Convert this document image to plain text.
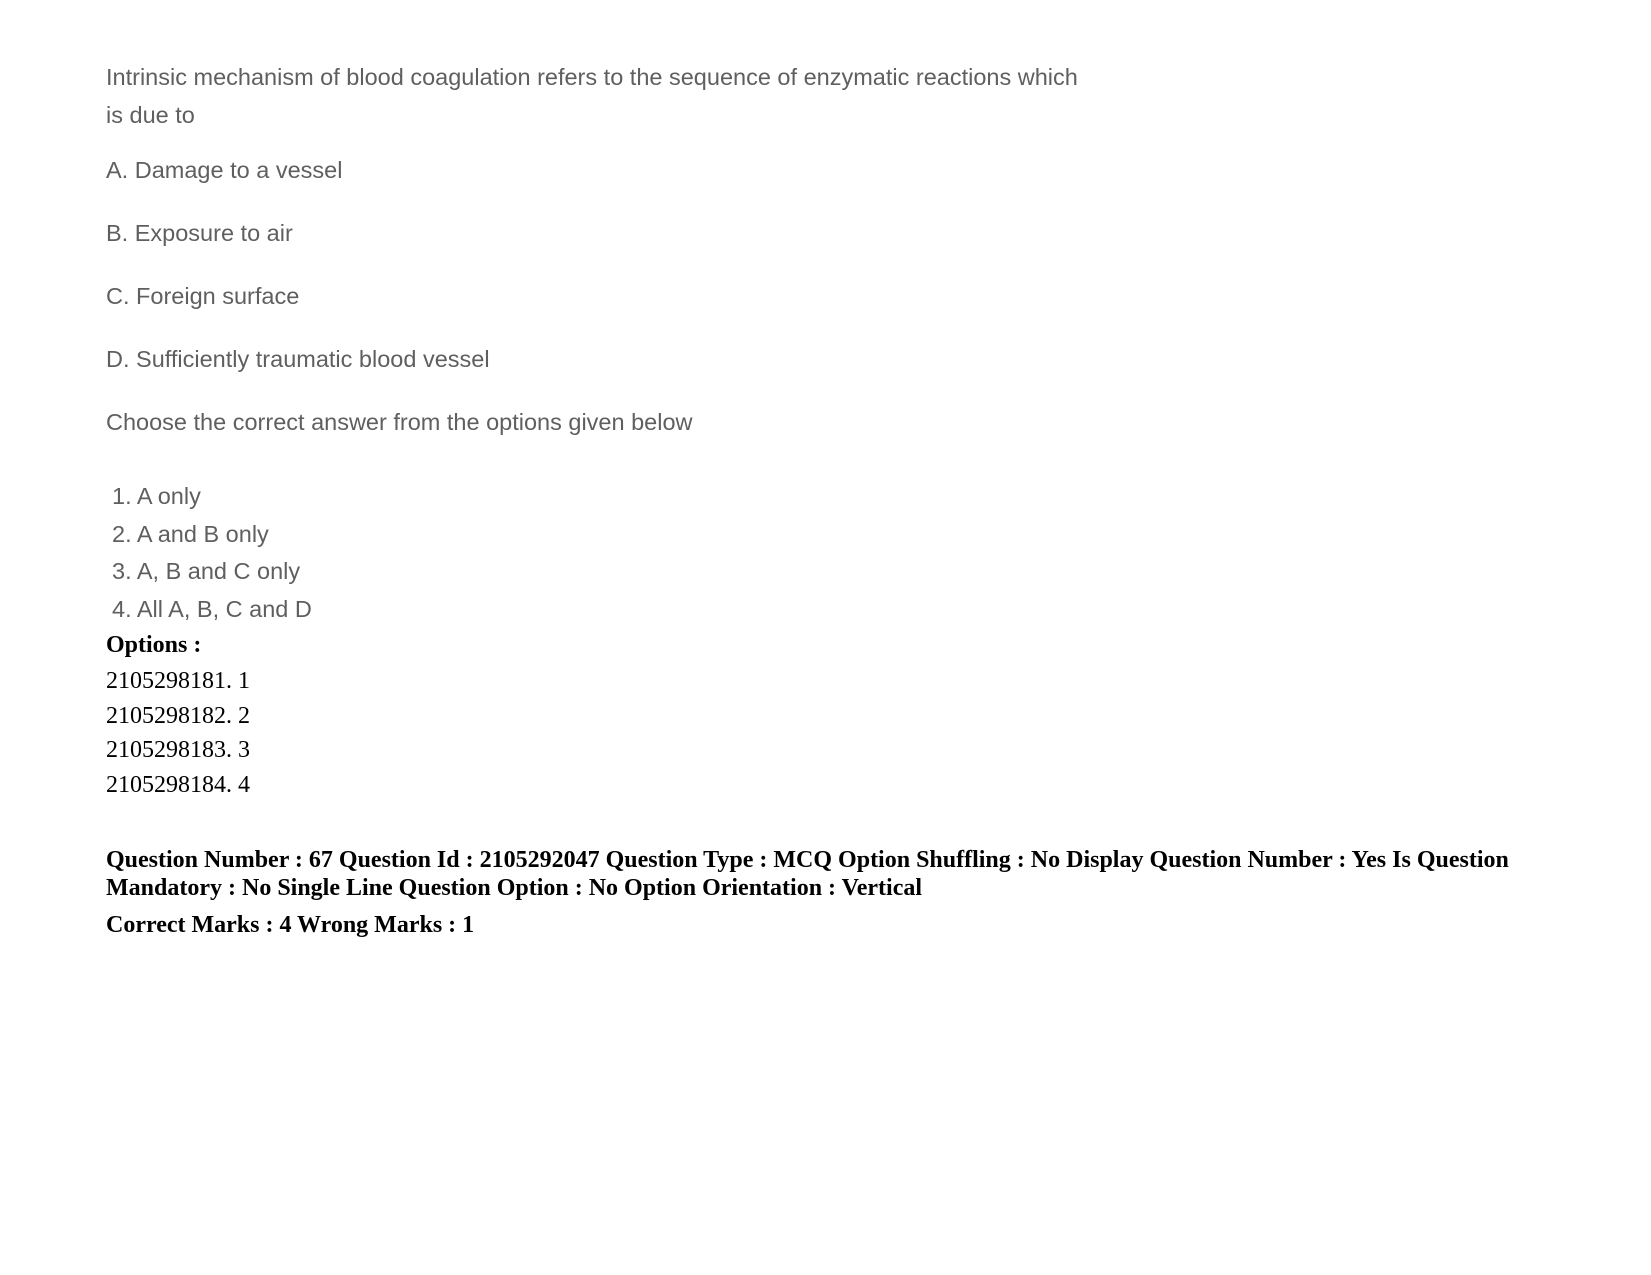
Intrinsic mechanism of blood coagulation refers to the sequence of enzymatic reactions which
is due to

A. Damage to a vessel
B. Exposure to air
C. Foreign surface
D. Sufficiently traumatic blood vessel
Choose the correct answer from the options given below
1. A only
2. A and B only
3. A, B and C only
4. All A, B, C and D
Options :
2105298181. 1
2105298182. 2
2105298183. 3
2105298184. 4
Question Number : 67 Question Id : 2105292047 Question Type : MCQ Option Shuffling : No Display Question Number : Yes Is Question Mandatory : No Single Line Question Option : No Option Orientation : Vertical
Correct Marks : 4 Wrong Marks : 1
